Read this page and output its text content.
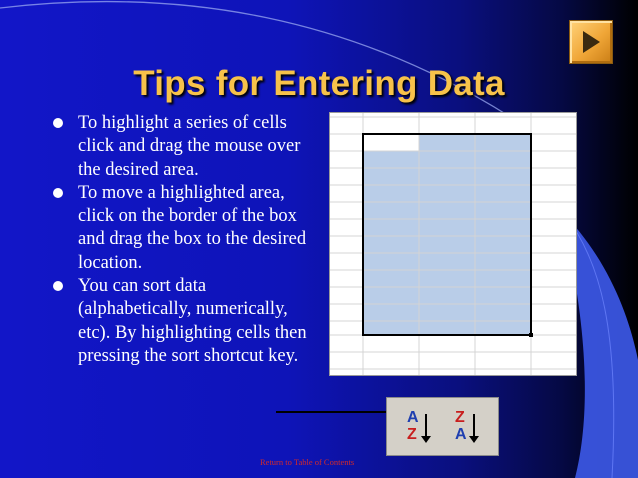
Tips for Entering Data
To highlight a series of cells click and drag the mouse over the desired area.
To move a highlighted area, click on the border of the box and drag the box to the desired location.
You can sort data (alphabetically, numerically, etc). By highlighting cells then pressing the sort shortcut key.
A
Z
Z
A
Return to Table of Contents
